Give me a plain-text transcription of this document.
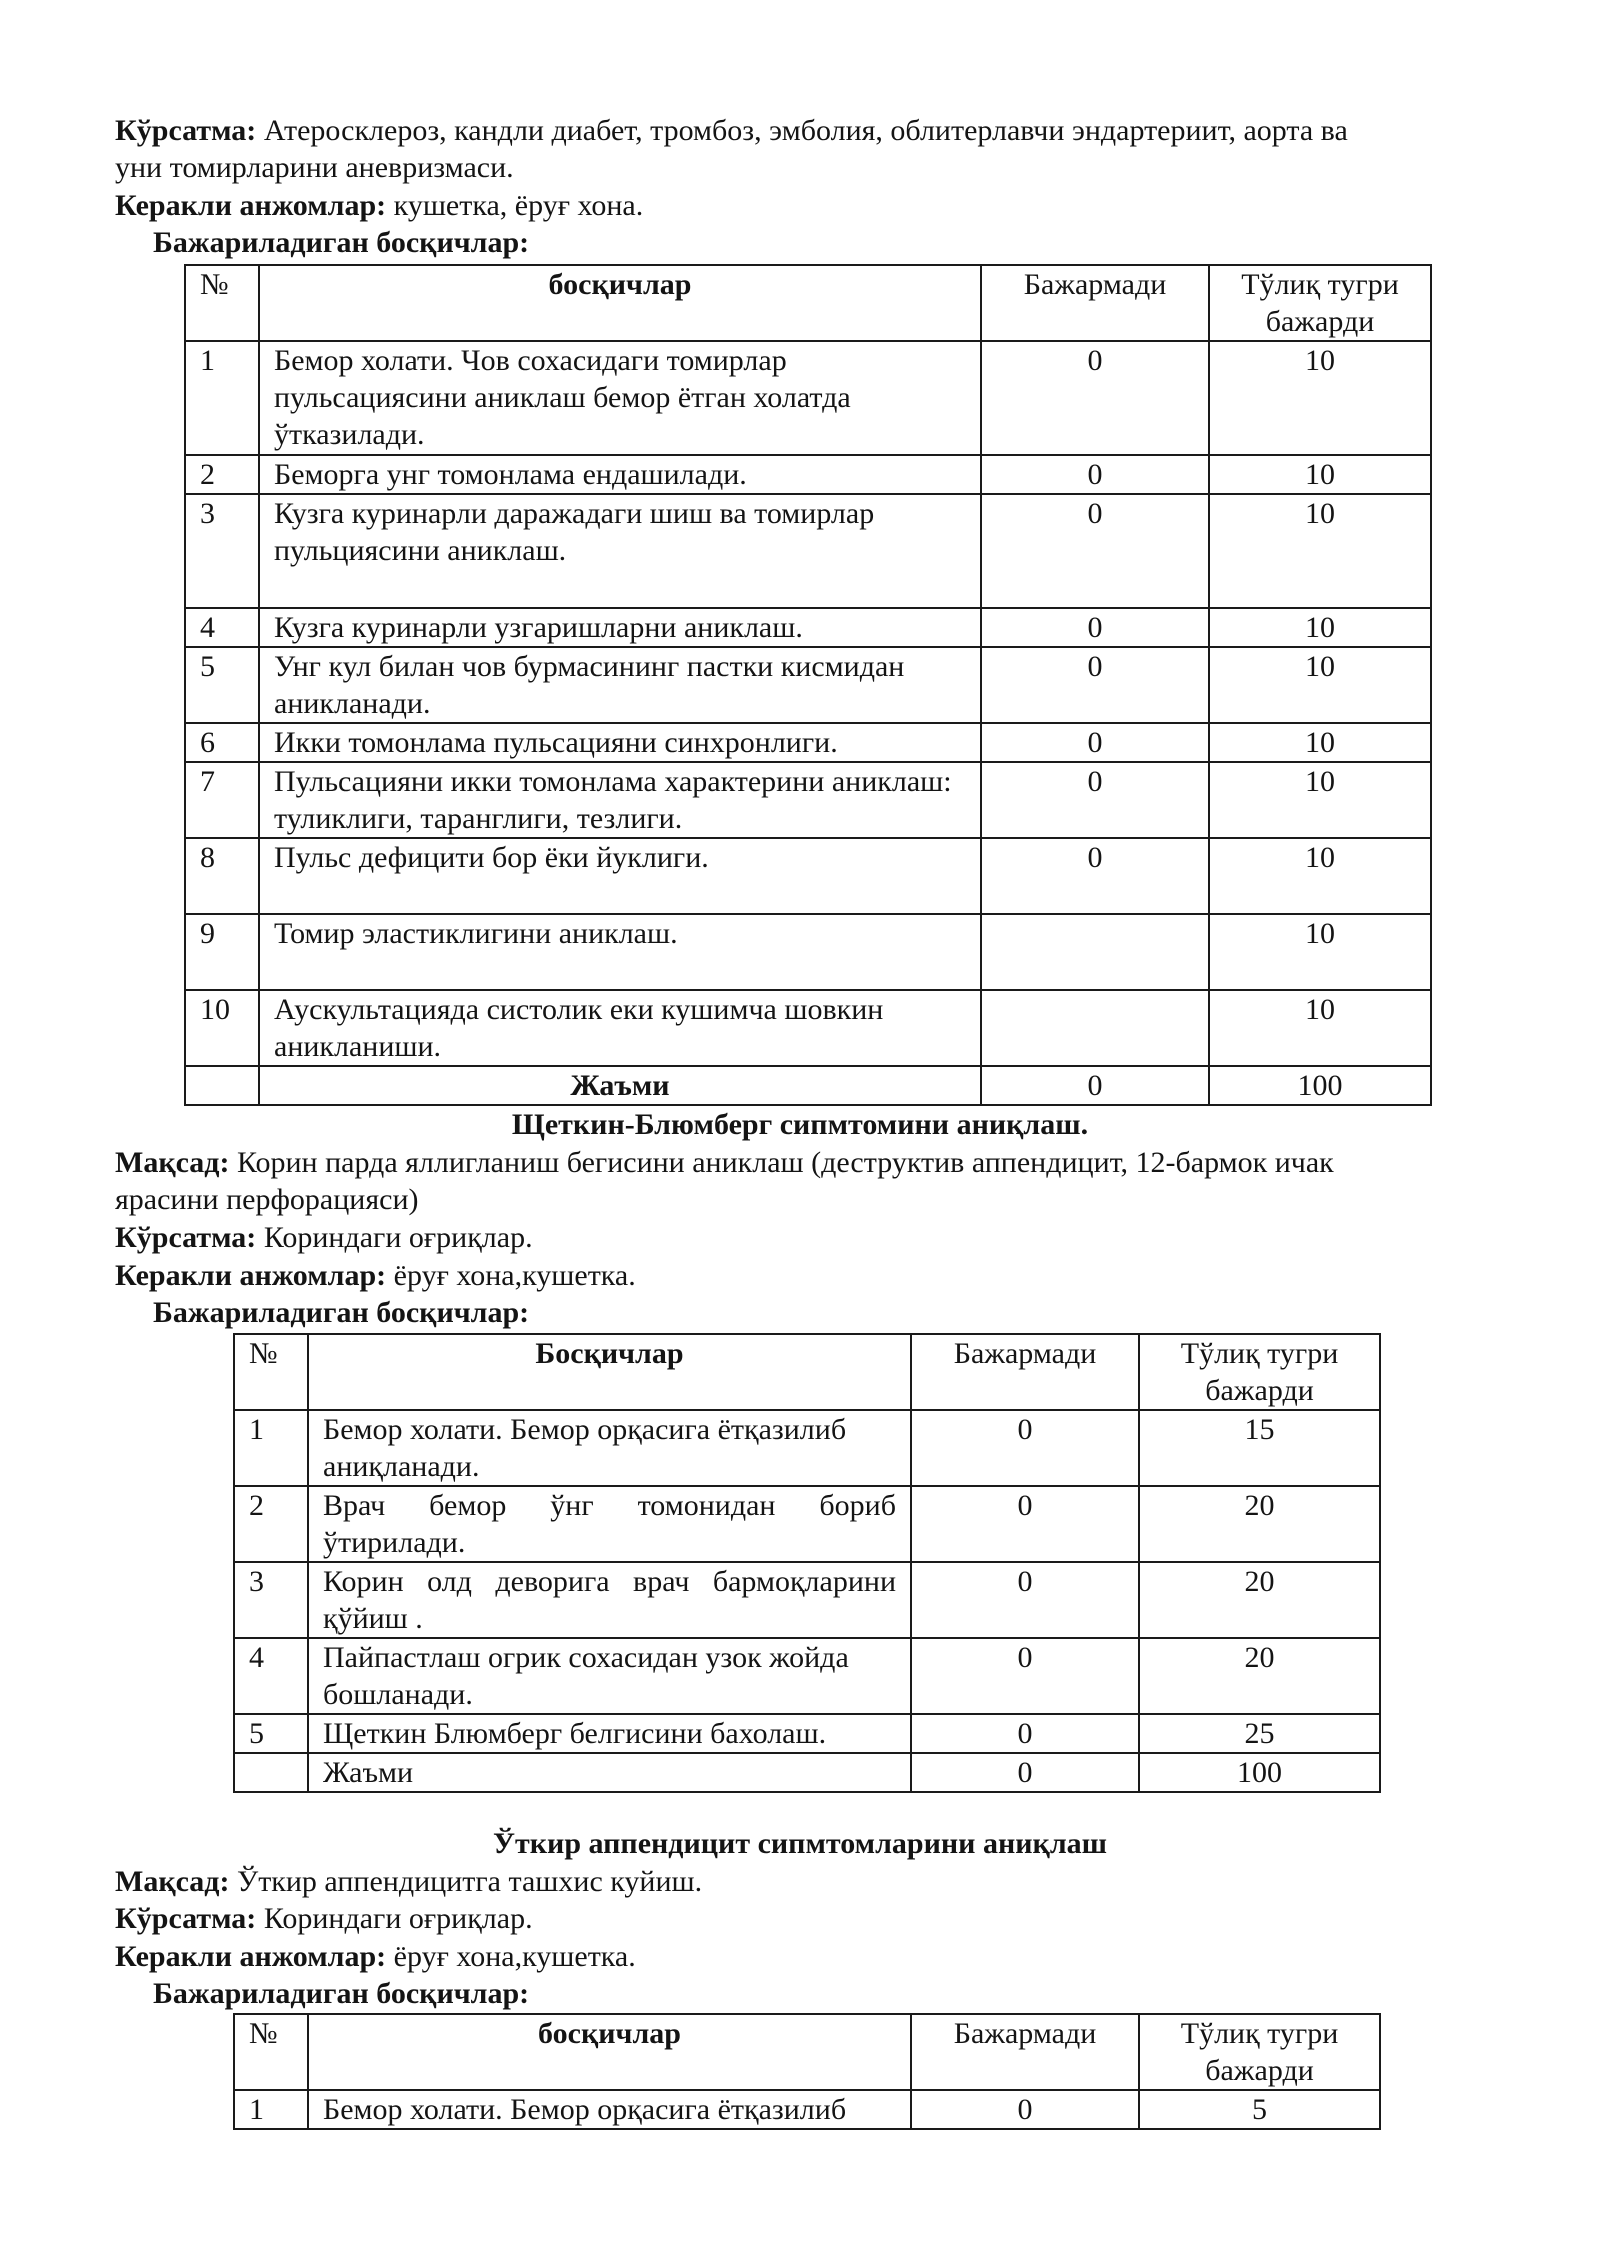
Кўрсатма: Атеросклероз, кандли диабет, тромбоз, эмболия, облитерлавчи эндартериит, аорта ва
уни томирларини аневризмаси.
Керакли анжомлар: кушетка, ёруғ хона.
Бажариладиган босқичлар:
№	босқичлар	Бажармади	Тўлиқ тугри
бажарди
1	Бемор холати. Чов сохасидаги томирлар пульсациясини аниклаш бемор ётган холатда ўтказилади.	0	10
2	Беморга унг томонлама ендашилади.	0	10
3	Кузга куринарли даражадаги шиш ва томирлар пульциясини аниклаш.	0	10
4	Кузга куринарли узгаришларни аниклаш.	0	10
5	Унг кул билан чов бурмасининг пастки кисмидан аникланади.	0	10
6	Икки томонлама пульсацияни синхронлиги.	0	10
7	Пульсацияни икки томонлама характерини аниклаш: туликлиги, таранглиги, тезлиги.	0	10
8	Пульс дефицити бор ёки йуклиги.	0	10
9	Томир эластиклигини аниклаш.		10
10	Аускультацияда систолик еки кушимча шовкин аникланиши.		10
	Жаъми	0	100
Щеткин-Блюмберг сипмтомини аниқлаш.
Мақсад: Корин парда яллигланиш бегисини аниклаш (деструктив аппендицит, 12-бармок ичак
ярасини перфорацияси)
Кўрсатма: Кориндаги оғриқлар.
Керакли анжомлар: ёруғ хона,кушетка.
Бажариладиган босқичлар:
№	Босқичлар	Бажармади	Тўлиқ тугри
бажарди
1	Бемор холати. Бемор орқасига ётқазилиб аниқланади.	0	15
2	Врач бемор ўнг томонидан бориб ўтирилади.	0	20
3	Корин олд деворига врач бармоқларини қўйиш .	0	20
4	Пайпастлаш огрик сохасидан узок жойда бошланади.	0	20
5	Щеткин Блюмберг белгисини бахолаш.	0	25
	Жаъми	0	100
Ўткир аппендицит сипмтомларини аниқлаш
Мақсад: Ўткир аппендицитга ташхис куйиш.
Кўрсатма: Кориндаги оғриқлар.
Керакли анжомлар: ёруғ хона,кушетка.
Бажариладиган босқичлар:
№	босқичлар	Бажармади	Тўлиқ тугри
бажарди
1	Бемор холати. Бемор орқасига ётқазилиб	0	5
